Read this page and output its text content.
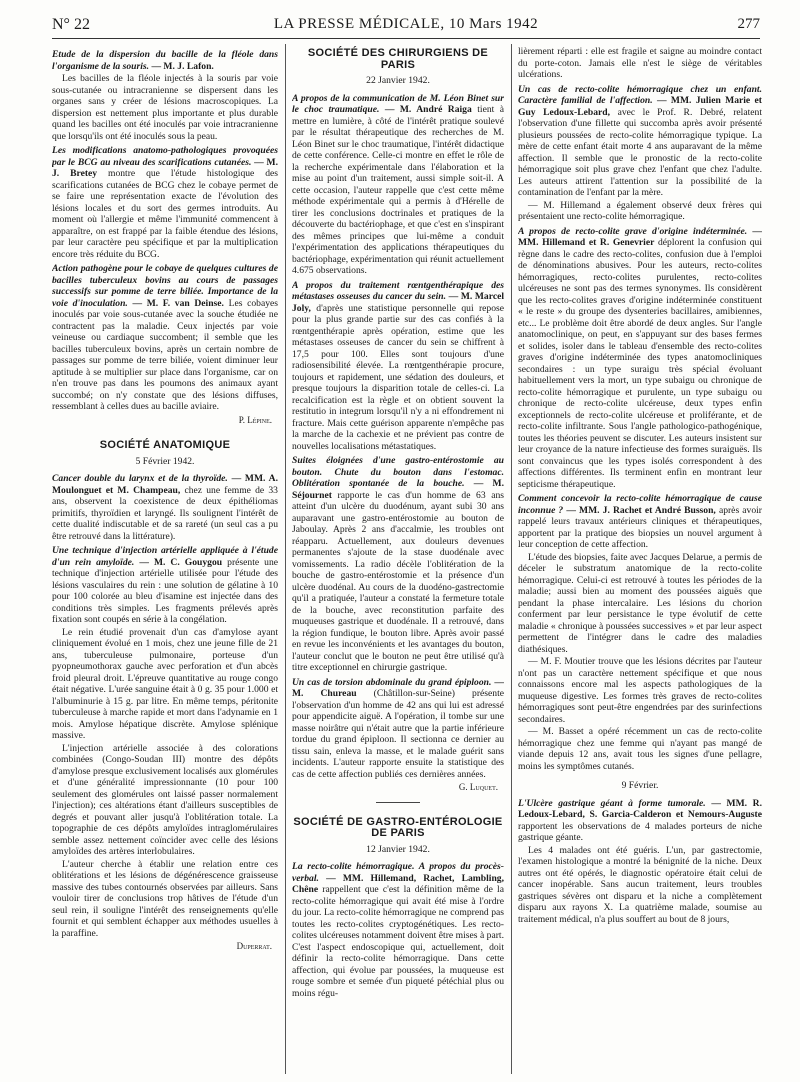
N° 22	LA PRESSE MÉDICALE, 10 Mars 1942	277

Etude de la dispersion du bacille de la fléole dans l'organisme de la souris. — M. J. Lafon.

Les bacilles de la fléole injectés à la souris par voie sous-cutanée ou intracranienne se dispersent dans les organes sans y créer de lésions macroscopiques. La dispersion est nettement plus importante et plus durable quand les bacilles ont été inoculés par voie intracranienne que lorsqu'ils ont été inoculés sous la peau.

Les modifications anatomo-pathologiques provoquées par le BCG au niveau des scarifications cutanées. — M. J. Bretey montre que l'étude histologique des scarifications cutanées de BCG chez le cobaye permet de se faire une représentation exacte de l'évolution des lésions locales et du sort des germes introduits. Au moment où l'allergie et même l'immunité commencent à apparaître, on est frappé par la faible étendue des lésions, par leur caractère peu spécifique et par la multiplication encore très réduite du BCG.

Action pathogène pour le cobaye de quelques cultures de bacilles tuberculeux bovins au cours de passages successifs sur pomme de terre biliée. Importance de la voie d'inoculation. — M. F. van Deinse. Les cobayes inoculés par voie sous-cutanée avec la souche étudiée ne contractent pas la maladie. Ceux injectés par voie veineuse ou cardiaque succombent; il semble que les bacilles tuberculeux bovins, après un certain nombre de passages sur pomme de terre biliée, voient diminuer leur aptitude à se multiplier sur place dans l'organisme, car on n'en trouve pas dans les poumons des animaux ayant succombé; on n'y constate que des lésions diffuses, ressemblant à celles dues au bacille aviaire.

P. Lépine.
SOCIÉTÉ ANATOMIQUE
5 Février 1942.

Cancer double du larynx et de la thyroïde. — MM. A. Moulonguet et M. Champeau, chez une femme de 33 ans, observent la coexistence de deux épithéliomas primitifs, thyroïdien et laryngé. Ils soulignent l'intérêt de cette dualité indiscutable et de sa rareté (un seul cas a pu être retrouvé dans la littérature).

Une technique d'injection artérielle appliquée à l'étude d'un rein amyloïde. — M. C. Gouygou présente une technique d'injection artérielle utilisée pour l'étude des lésions vasculaires du rein : une solution de gélatine à 10 pour 100 colorée au bleu d'isamine est injectée dans des conditions très simples. Les fragments prélevés après fixation sont coupés en série à la congélation.

Le rein étudié provenait d'un cas d'amylose ayant cliniquement évolué en 1 mois, chez une jeune fille de 21 ans, tuberculeuse pulmonaire, porteuse d'un pyopneumothorax gauche avec perforation et d'un abcès froid pleural droit. L'épreuve quantitative au rouge congo était négative. L'urée sanguine était à 0 g. 35 pour 1.000 et l'albuminurie à 15 g. par litre. En même temps, péritonite tuberculeuse à marche rapide et mort dans l'adynamie en 1 mois. Amylose hépatique discrète. Amylose splénique massive.

L'injection artérielle associée à des colorations combinées (Congo-Soudan III) montre des dépôts d'amylose presque exclusivement localisés aux glomérules et d'une généralité impressionnante (10 pour 100 seulement des glomérules ont laissé passer normalement l'injection); ces altérations étant d'ailleurs susceptibles de degrés et pouvant aller jusqu'à l'oblitération totale. La topographie de ces dépôts amyloïdes intraglomérulaires semble assez nettement coïncider avec celle des lésions amyloïdes des artères interlobulaires.

L'auteur cherche à établir une relation entre ces oblitérations et les lésions de dégénérescence graisseuse massive des tubes contournés observées par ailleurs. Sans vouloir tirer de conclusions trop hâtives de l'étude d'un seul rein, il souligne l'intérêt des renseignements qu'elle fournit et qui semblent échapper aux méthodes usuelles à la paraffine.

Duperrat.
SOCIÉTÉ DES CHIRURGIENS DE PARIS
22 Janvier 1942.

A propos de la communication de M. Léon Binet sur le choc traumatique. — M. André Raiga tient à mettre en lumière, à côté de l'intérêt pratique soulevé par le résultat thérapeutique des recherches de M. Léon Binet sur le choc traumatique, l'intérêt didactique de cette conférence. Celle-ci montre en effet le rôle de la recherche expérimentale dans l'élaboration et la mise au point d'un traitement, aussi simple soit-il. A cette occasion, l'auteur rappelle que c'est cette même méthode expérimentale qui a permis à d'Hérelle de tirer les conclusions doctrinales et pratiques de la découverte du bactériophage, et que c'est en s'inspirant des mêmes principes que lui-même a conduit l'expérimentation des applications thérapeutiques du bactériophage, expérimentation qui réunit actuellement 4.675 observations.

A propos du traitement rœntgenthérapique des métastases osseuses du cancer du sein. — M. Marcel Joly, d'après une statistique personnelle qui repose pour la plus grande partie sur des cas confiés à la rœntgenthérapie après opération, estime que les métastases osseuses de cancer du sein se chiffrent à 17,5 pour 100. Elles sont toujours d'une radiosensibilité élevée. La rœntgenthérapie procure, toujours et rapidement, une sédation des douleurs, et presque toujours la disparition totale de celles-ci. La recalcification est la règle et on obtient souvent la restitutio in integrum lorsqu'il n'y a ni effondrement ni fracture. Mais cette guérison apparente n'empêche pas la marche de la cachexie et ne prévient pas contre de nouvelles localisations métastatiques.

Suites éloignées d'une gastro-entérostomie au bouton. Chute du bouton dans l'estomac. Oblitération spontanée de la bouche. — M. Séjournet rapporte le cas d'un homme de 63 ans atteint d'un ulcère du duodénum, ayant subi 30 ans auparavant une gastro-entérostomie au bouton de Jaboulay. Après 2 ans d'accalmie, les troubles ont réapparu. Actuellement, aux douleurs devenues permanentes s'ajoute de la stase duodénale avec vomissements. La radio décèle l'oblitération de la bouche de gastro-entérostomie et la présence d'un ulcère duodénal. Au cours de la duodéno-gastrectomie qu'il a pratiquée, l'auteur a constaté la fermeture totale de la bouche, avec reconstitution parfaite des muqueuses gastrique et duodénale. Il a retrouvé, dans la région fundique, le bouton libre. Après avoir passé en revue les inconvénients et les avantages du bouton, l'auteur conclut que le bouton ne peut être utilisé qu'à titre exceptionnel en chirurgie gastrique.

Un cas de torsion abdominale du grand épiploon. — M. Chureau (Châtillon-sur-Seine) présente l'observation d'un homme de 42 ans qui lui est adressé pour appendicite aiguë. A l'opération, il tombe sur une masse noirâtre qui n'était autre que la partie inférieure tordue du grand épiploon. Il sectionna ce dernier au tissu sain, enleva la masse, et le malade guérit sans incidents. L'auteur rapporte ensuite la statistique des cas de cette affection publiés ces dernières années.

G. Luquet.
SOCIÉTÉ DE GASTRO-ENTÉROLOGIE DE PARIS
12 Janvier 1942.

La recto-colite hémorragique. A propos du procès-verbal. — MM. Hillemand, Rachet, Lambling, Chêne rappellent que c'est la définition même de la recto-colite hémorragique qui avait été mise à l'ordre du jour. La recto-colite hémorragique ne comprend pas toutes les recto-colites cryptogénétiques. Les recto-colites ulcéreuses notamment doivent être mises à part. C'est l'aspect endoscopique qui, actuellement, doit définir la recto-colite hémorragique. Dans cette affection, qui évolue par poussées, la muqueuse est rouge sombre et semée d'un piqueté pétéchial plus ou moins régu-

lièrement réparti : elle est fragile et saigne au moindre contact du porte-coton. Jamais elle n'est le siège de véritables ulcérations.

Un cas de recto-colite hémorragique chez un enfant. Caractère familial de l'affection. — MM. Julien Marie et Guy Ledoux-Lebard, avec le Prof. R. Debré, relatent l'observation d'une fillette qui succomba après avoir présenté plusieurs poussées de recto-colite hémorragique typique. La mère de cette enfant était morte 4 ans auparavant de la même affection. Il semble que le pronostic de la recto-colite hémorragique soit plus grave chez l'enfant que chez l'adulte. Les auteurs attirent l'attention sur la possibilité de la contamination de l'enfant par la mère.

— M. Hillemand a également observé deux frères qui présentaient une recto-colite hémorragique.

A propos de recto-colite grave d'origine indéterminée. — MM. Hillemand et R. Genevrier déplorent la confusion qui règne dans le cadre des recto-colites, confusion due à l'emploi de dénominations abusives. Pour les auteurs, recto-colites hémorragiques, recto-colites purulentes, recto-colites ulcéreuses ne sont pas des termes synonymes. Ils considèrent que les recto-colites graves d'origine indéterminée constituent « le reste » du groupe des dysenteries bacillaires, amibiennes, etc... Le problème doit être abordé de deux angles. Sur l'angle anatomoclinique, on peut, en s'appuyant sur des bases fermes et solides, isoler dans le tableau d'ensemble des recto-colites graves d'origine indéterminée des types anatomocliniques secondaires : un type suraigu très spécial évoluant habituellement vers la mort, un type subaigu ou chronique de recto-colite hémorragique et purulente, un type subaigu ou chronique de recto-colite ulcéreuse, deux types enfin exceptionnels de recto-colite ulcéreuse et proliférante, et de recto-colite infiltrante. Sous l'angle pathologico-pathogénique, toutes les théories peuvent se discuter. Les auteurs insistent sur leur croyance de la nature infectieuse des formes suraiguës. Ils sont convaincus que les types isolés correspondent à des affections différentes. Ils terminent enfin en montrant leur septicisme thérapeutique.

Comment concevoir la recto-colite hémorragique de cause inconnue ? — MM. J. Rachet et André Busson, après avoir rappelé leurs travaux antérieurs cliniques et thérapeutiques, apportent par la pratique des biopsies un nouvel argument à leur conception de cette affection.

L'étude des biopsies, faite avec Jacques Delarue, a permis de déceler le substratum anatomique de la recto-colite hémorragique. Celui-ci est retrouvé à toutes les périodes de la maladie; aussi bien au moment des poussées aiguës que pendant la phase intercalaire. Les lésions du chorion conferment par leur persistance le type évolutif de cette maladie « chronique à poussées successives » et par leur aspect permettent de l'intégrer dans le cadre des maladies diathésiques.

— M. F. Moutier trouve que les lésions décrites par l'auteur n'ont pas un caractère nettement spécifique et que nous connaissons encore mal les aspects pathologiques de la muqueuse digestive. Les formes très graves de recto-colites hémorragiques sont peut-être engendrées par des surinfections secondaires.

— M. Basset a opéré récemment un cas de recto-colite hémorragique chez une femme qui n'ayant pas mangé de viande depuis 12 ans, avait tous les signes d'une pellagre, moins les symptômes cutanés.

9 Février.

L'Ulcère gastrique géant à forme tumorale. — MM. R. Ledoux-Lebard, S. Garcia-Calderon et Nemours-Auguste rapportent les observations de 4 malades porteurs de niche gastrique géante.

Les 4 malades ont été guéris. L'un, par gastrectomie, l'examen histologique a montré la bénignité de la niche. Deux autres ont été opérés, le diagnostic opératoire était celui de cancer inopérable. Sans aucun traitement, leurs troubles gastriques sévères ont disparu et la niche a complètement disparu aux rayons X. La quatrième malade, soumise au traitement médical, n'a plus souffert au bout de 8 jours,
